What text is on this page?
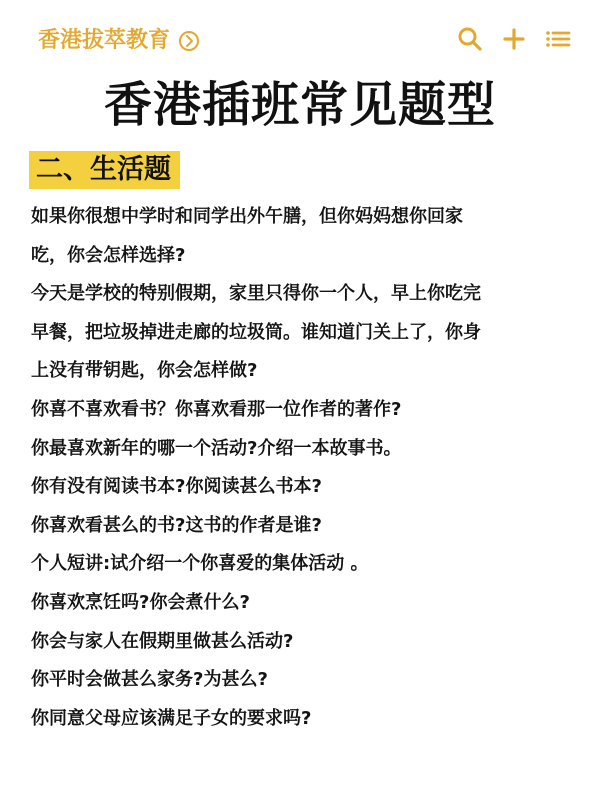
香港拔萃教育
香港插班常见题型
二、生活题
如果你很想中学时和同学出外午膳，但你妈妈想你回家
吃，你会怎样选择?
今天是学校的特别假期，家里只得你一个人，早上你吃完
早餐，把垃圾掉进走廊的垃圾筒。谁知道门关上了，你身
上没有带钥匙，你会怎样做?
你喜不喜欢看书？你喜欢看那一位作者的著作?
你最喜欢新年的哪一个活动?介绍一本故事书。
你有没有阅读书本?你阅读甚么书本?
你喜欢看甚么的书?这书的作者是谁?
个人短讲:试介绍一个你喜爱的集体活动 。
你喜欢烹饪吗?你会煮什么?
你会与家人在假期里做甚么活动?
你平时会做甚么家务?为甚么?
你同意父母应该满足子女的要求吗?
